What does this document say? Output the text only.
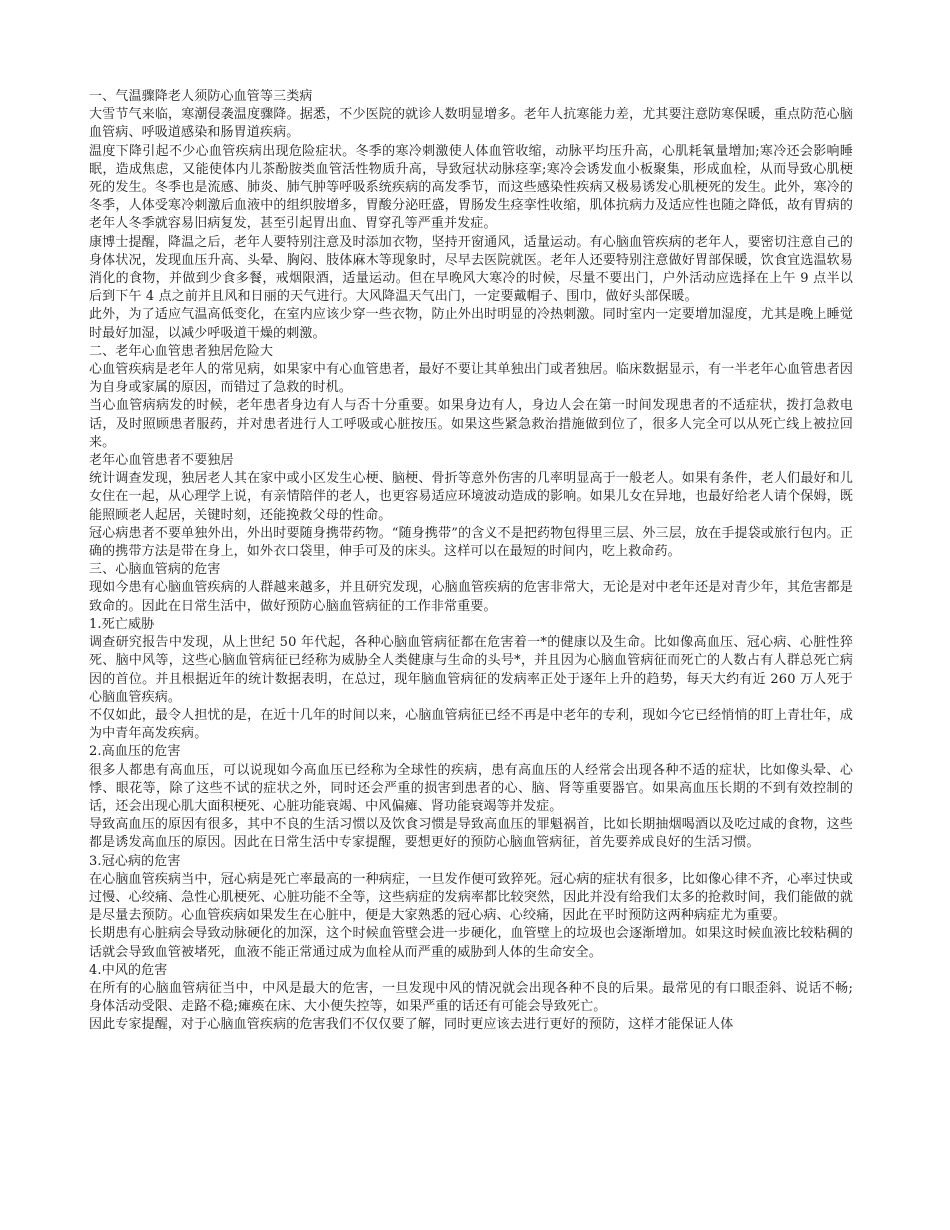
一、气温骤降老人须防心血管等三类病

大雪节气来临，寒潮侵袭温度骤降。据悉，不少医院的就诊人数明显增多。老年人抗寒能力差，尤其要注意防寒保暖，重点防范心脑血管病、呼吸道感染和肠胃道疾病。

温度下降引起不少心血管疾病出现危险症状。冬季的寒冷刺激使人体血管收缩，动脉平均压升高，心肌耗氧量增加;寒冷还会影响睡眠，造成焦虑，又能使体内儿茶酚胺类血管活性物质升高，导致冠状动脉痉挛;寒冷会诱发血小板聚集，形成血栓，从而导致心肌梗死的发生。冬季也是流感、肺炎、肺气肿等呼吸系统疾病的高发季节，而这些感染性疾病又极易诱发心肌梗死的发生。此外，寒冷的冬季，人体受寒冷刺激后血液中的组织胺增多，胃酸分泌旺盛，胃肠发生痉挛性收缩，肌体抗病力及适应性也随之降低，故有胃病的老年人冬季就容易旧病复发，甚至引起胃出血、胃穿孔等严重并发症。

康博士提醒，降温之后，老年人要特别注意及时添加衣物，坚持开窗通风，适量运动。有心脑血管疾病的老年人，要密切注意自己的身体状况，发现血压升高、头晕、胸闷、肢体麻木等现象时，尽早去医院就医。老年人还要特别注意做好胃部保暖，饮食宜选温软易消化的食物，并做到少食多餐，戒烟限酒，适量运动。但在早晚风大寒冷的时候，尽量不要出门，户外活动应选择在上午 9 点半以后到下午 4 点之前并且风和日丽的天气进行。大风降温天气出门，一定要戴帽子、围巾，做好头部保暖。

此外，为了适应气温高低变化，在室内应该少穿一些衣物，防止外出时明显的冷热刺激。同时室内一定要增加湿度，尤其是晚上睡觉时最好加湿，以减少呼吸道干燥的刺激。

二、老年心血管患者独居危险大

心血管疾病是老年人的常见病，如果家中有心血管患者，最好不要让其单独出门或者独居。临床数据显示，有一半老年心血管患者因为自身或家属的原因，而错过了急救的时机。

当心血管病病发的时候，老年患者身边有人与否十分重要。如果身边有人，身边人会在第一时间发现患者的不适症状，拨打急救电话，及时照顾患者服药，并对患者进行人工呼吸或心脏按压。如果这些紧急救治措施做到位了，很多人完全可以从死亡线上被拉回来。

老年心血管患者不要独居

统计调查发现，独居老人其在家中或小区发生心梗、脑梗、骨折等意外伤害的几率明显高于一般老人。如果有条件，老人们最好和儿女住在一起，从心理学上说，有亲情陪伴的老人，也更容易适应环境波动造成的影响。如果儿女在异地，也最好给老人请个保姆，既能照顾老人起居，关键时刻，还能挽救父母的性命。

冠心病患者不要单独外出，外出时要随身携带药物。“随身携带”的含义不是把药物包得里三层、外三层，放在手提袋或旅行包内。正确的携带方法是带在身上，如外衣口袋里，伸手可及的床头。这样可以在最短的时间内，吃上救命药。

三、心脑血管病的危害

现如今患有心脑血管疾病的人群越来越多，并且研究发现，心脑血管疾病的危害非常大，无论是对中老年还是对青少年，其危害都是致命的。因此在日常生活中，做好预防心脑血管病征的工作非常重要。

1.死亡威胁

调查研究报告中发现，从上世纪 50 年代起，各种心脑血管病征都在危害着一*的健康以及生命。比如像高血压、冠心病、心脏性猝死、脑中风等，这些心脑血管病征已经称为威胁全人类健康与生命的头号*，并且因为心脑血管病征而死亡的人数占有人群总死亡病因的首位。并且根据近年的统计数据表明，在总过，现年脑血管病征的发病率正处于逐年上升的趋势，每天大约有近 260 万人死于心脑血管疾病。

不仅如此，最令人担忧的是，在近十几年的时间以来，心脑血管病征已经不再是中老年的专利，现如今它已经悄悄的盯上青壮年，成为中青年高发疾病。

2.高血压的危害

很多人都患有高血压，可以说现如今高血压已经称为全球性的疾病，患有高血压的人经常会出现各种不适的症状，比如像头晕、心悸、眼花等，除了这些不试的症状之外，同时还会严重的损害到患者的心、脑、肾等重要器官。如果高血压长期的不到有效控制的话，还会出现心肌大面积梗死、心脏功能衰竭、中风偏瘫、肾功能衰竭等并发症。

导致高血压的原因有很多，其中不良的生活习惯以及饮食习惯是导致高血压的罪魁祸首，比如长期抽烟喝酒以及吃过咸的食物，这些都是诱发高血压的原因。因此在日常生活中专家提醒，要想更好的预防心脑血管病征，首先要养成良好的生活习惯。

3.冠心病的危害

在心脑血管疾病当中，冠心病是死亡率最高的一种病症，一旦发作便可致猝死。冠心病的症状有很多，比如像心律不齐，心率过快或过慢、心绞痛、急性心肌梗死、心脏功能不全等，这些病症的发病率都比较突然，因此并没有给我们太多的抢救时间，我们能做的就是尽量去预防。心血管疾病如果发生在心脏中，便是大家熟悉的冠心病、心绞痛，因此在平时预防这两种病症尤为重要。

长期患有心脏病会导致动脉硬化的加深，这个时候血管壁会进一步硬化，血管壁上的垃圾也会逐渐增加。如果这时候血液比较粘稠的话就会导致血管被堵死，血液不能正常通过成为血栓从而严重的威胁到人体的生命安全。

4.中风的危害

在所有的心脑血管病征当中，中风是最大的危害，一旦发现中风的情况就会出现各种不良的后果。最常见的有口眼歪斜、说话不畅;身体活动受限、走路不稳;瘫痪在床、大小便失控等，如果严重的话还有可能会导致死亡。

因此专家提醒，对于心脑血管疾病的危害我们不仅仅要了解，同时更应该去进行更好的预防，这样才能保证人体
